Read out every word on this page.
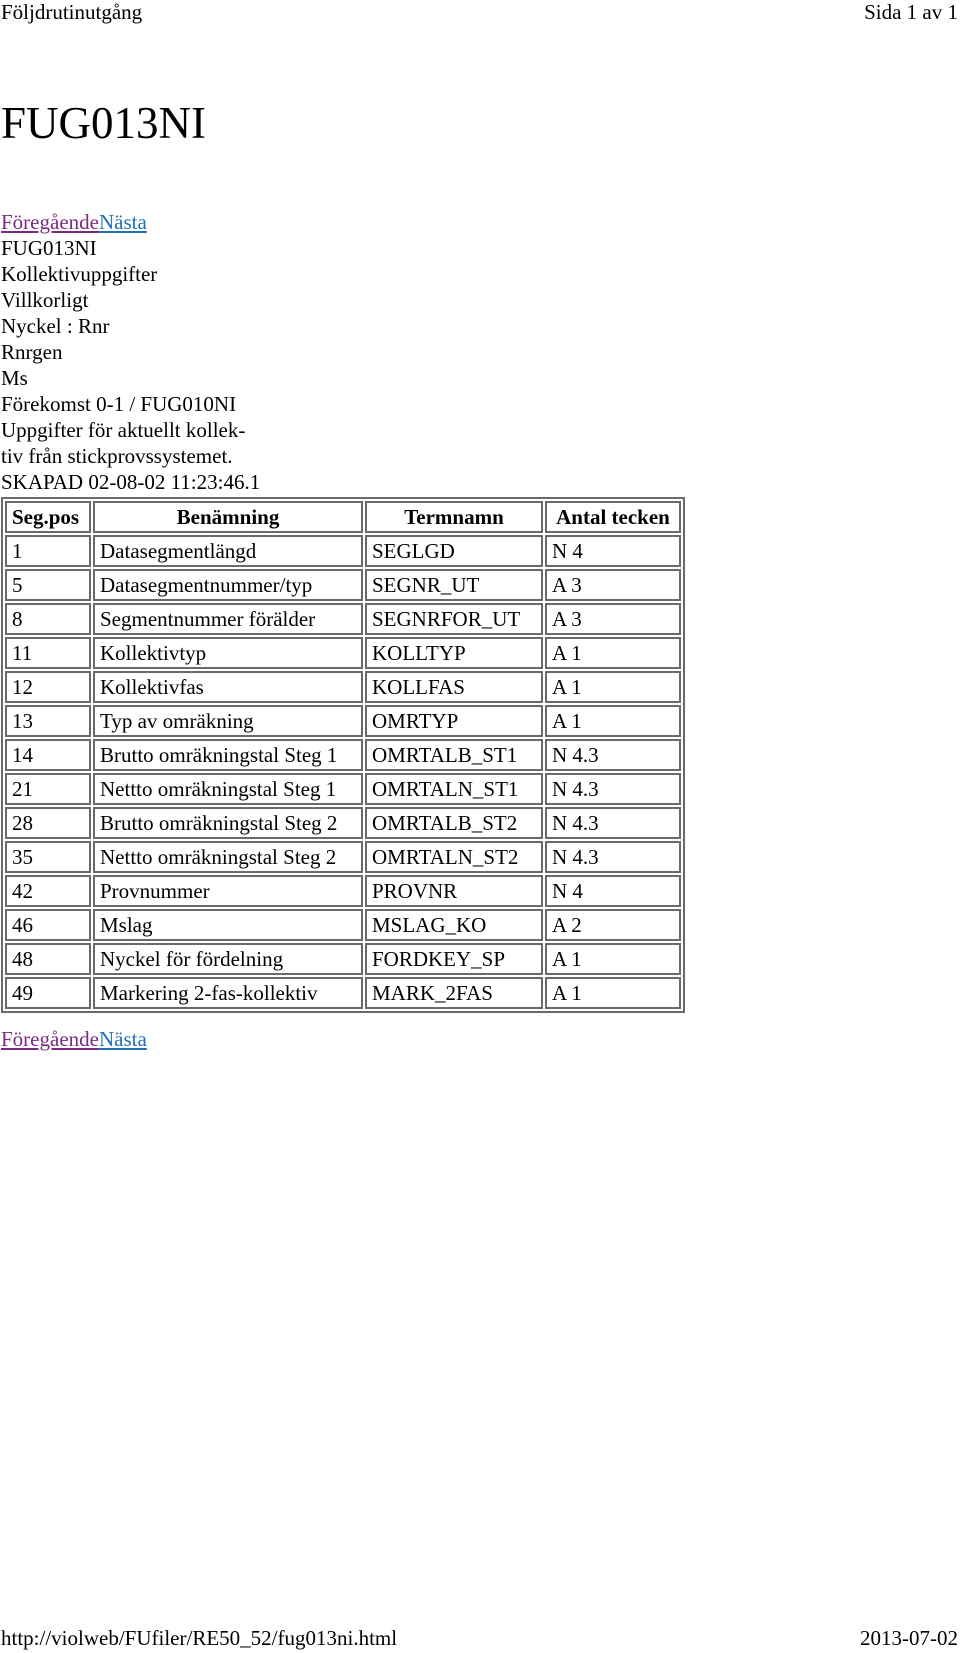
Följdrutinutgång	Sida 1 av 1
FUG013NI
FöregåendeNästa
FUG013NI
Kollektivuppgifter
Villkorligt
Nyckel : Rnr
Rnrgen
Ms
Förekomst 0-1 / FUG010NI
Uppgifter för aktuellt kollek-
tiv från stickprovssystemet.
SKAPAD 02-08-02 11:23:46.1
Seg.pos	Benämning	Termnamn	Antal tecken
1	Datasegmentlängd	SEGLGD	N 4
5	Datasegmentnummer/typ	SEGNR_UT	A 3
8	Segmentnummer förälder	SEGNRFOR_UT	A 3
11	Kollektivtyp	KOLLTYP	A 1
12	Kollektivfas	KOLLFAS	A 1
13	Typ av omräkning	OMRTYP	A 1
14	Brutto omräkningstal Steg 1	OMRTALB_ST1	N 4.3
21	Nettto omräkningstal Steg 1	OMRTALN_ST1	N 4.3
28	Brutto omräkningstal Steg 2	OMRTALB_ST2	N 4.3
35	Nettto omräkningstal Steg 2	OMRTALN_ST2	N 4.3
42	Provnummer	PROVNR	N 4
46	Mslag	MSLAG_KO	A 2
48	Nyckel för fördelning	FORDKEY_SP	A 1
49	Markering 2-fas-kollektiv	MARK_2FAS	A 1
FöregåendeNästa
http://violweb/FUfiler/RE50_52/fug013ni.html	2013-07-02
